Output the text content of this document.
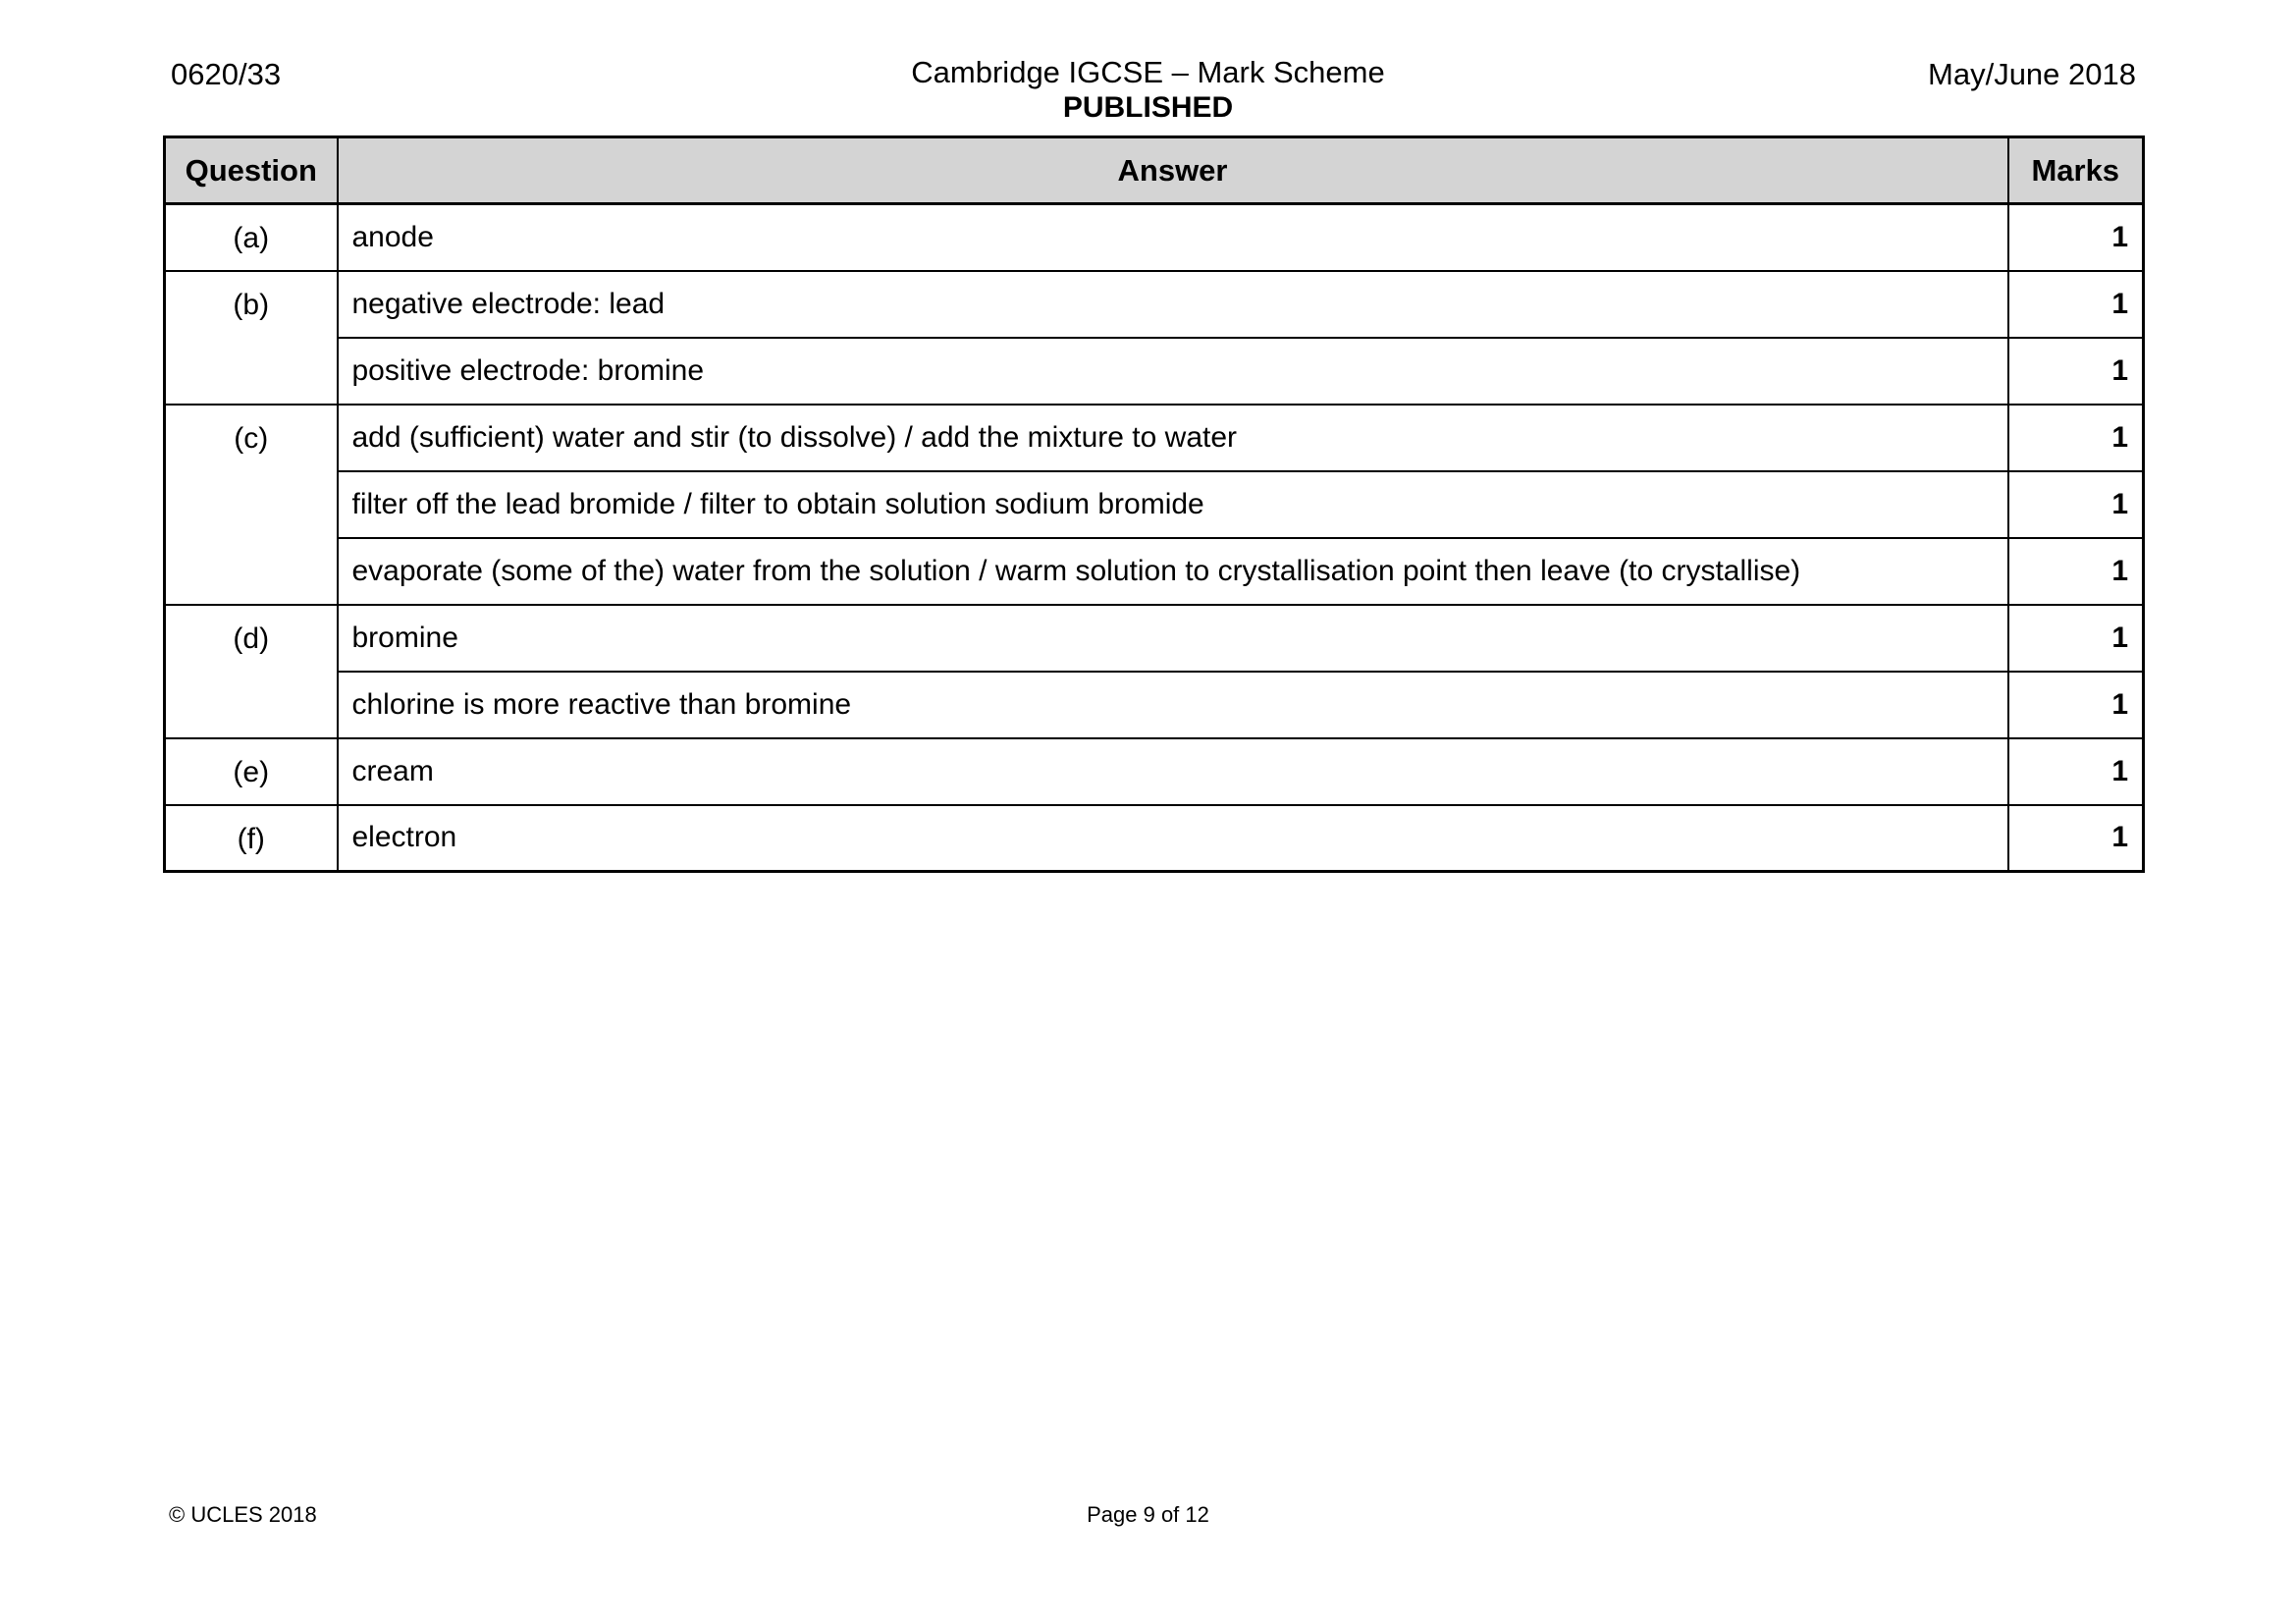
0620/33	Cambridge IGCSE – Mark Scheme
PUBLISHED
May/June 2018
Question	Answer	Marks
(a)	anode	1
(b)	negative electrode: lead	1
	positive electrode: bromine	1
(c)	add (sufficient) water and stir (to dissolve) / add the mixture to water	1
	filter off the lead bromide / filter to obtain solution sodium bromide	1
	evaporate (some of the) water from the solution / warm solution to crystallisation point then leave (to crystallise)	1
(d)	bromine	1
	chlorine is more reactive than bromine	1
(e)	cream	1
(f)	electron	1
© UCLES 2018	Page 9 of 12
